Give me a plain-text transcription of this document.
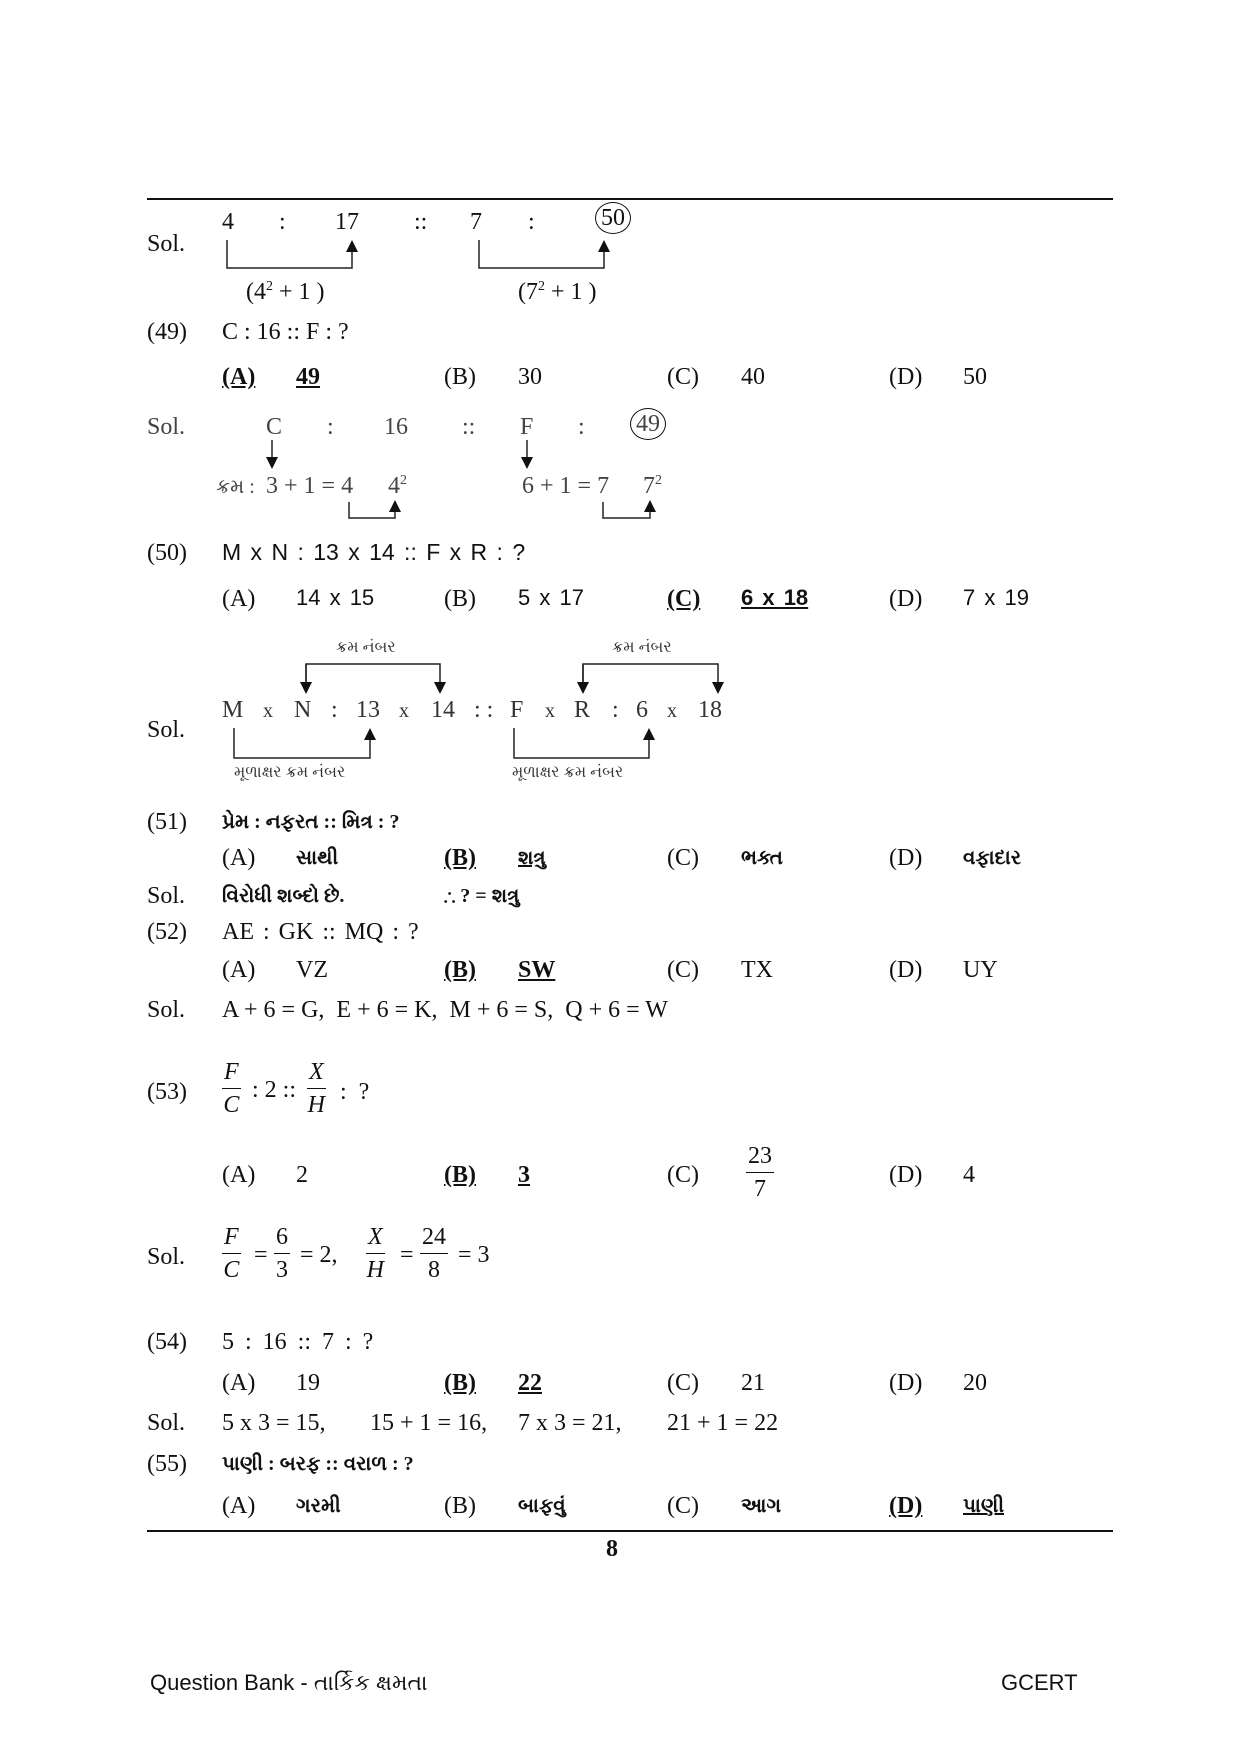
Sol.
4 : 17 :: 7 :	50
($4^2 + 1$ )	($7^2 + 1$ )
(49) C : 16 :: F : ?
(A) 49	(B) 30	(C) 40	(D) 50
Sol.	C : 16 :: F : 49
ક્રમ : 3 + 1 = 4 $4^2$	6 + 1 = 7 $7^2$
(50) M x N : 13 x 14 :: F x R : ?
(A) 14 x 15	(B) 5 x 17	(C) 6 x 18	(D) 7 x 19
ક્રમ નંબર	ક્રમ નંબર
Sol.
M x N : 13 x 14 : : F x R : 6 x 18
મૂળાક્ષર ક્રમ નંબર	મૂળાક્ષર ક્રમ નંબર
(51) પ્રેમ : નફરત :: મિત્ર : ?
(A) સાથી	(B) શત્રુ	(C) ભક્ત	(D) વફાદાર
Sol. વિરોધી શબ્દો છે.	∴ ? = શત્રુ
(52) AE : GK :: MQ : ?
(A) VZ	(B) SW	(C) TX	(D) UY
Sol. A + 6 = G,  E + 6 = K,  M + 6 = S,  Q + 6 = W
$(53) \frac{F}{C}$ : 2 :: $\frac{X}{H}$ :  ?
(A) 2	(B) 3	$(C) \frac{23}{7}$	(D) 4
Sol. $\frac{F}{C} = \frac{6}{3} = 2$, $\frac{X}{H} = \frac{24}{8} = 3$
(54) 5 : 16 :: 7 : ?
(A) 19	(B) 22	(C) 21	(D) 20
Sol. 5 x 3 = 15, 15 + 1 = 16, 7 x 3 = 21, 21 + 1 = 22
(55) પાણી : બરફ :: વરાળ : ?
(A) ગરમી	(B) બાફવું	(C) આગ	(D) પાણી
8
Question Bank - તાર્કિક ક્ષમતા	GCERT
